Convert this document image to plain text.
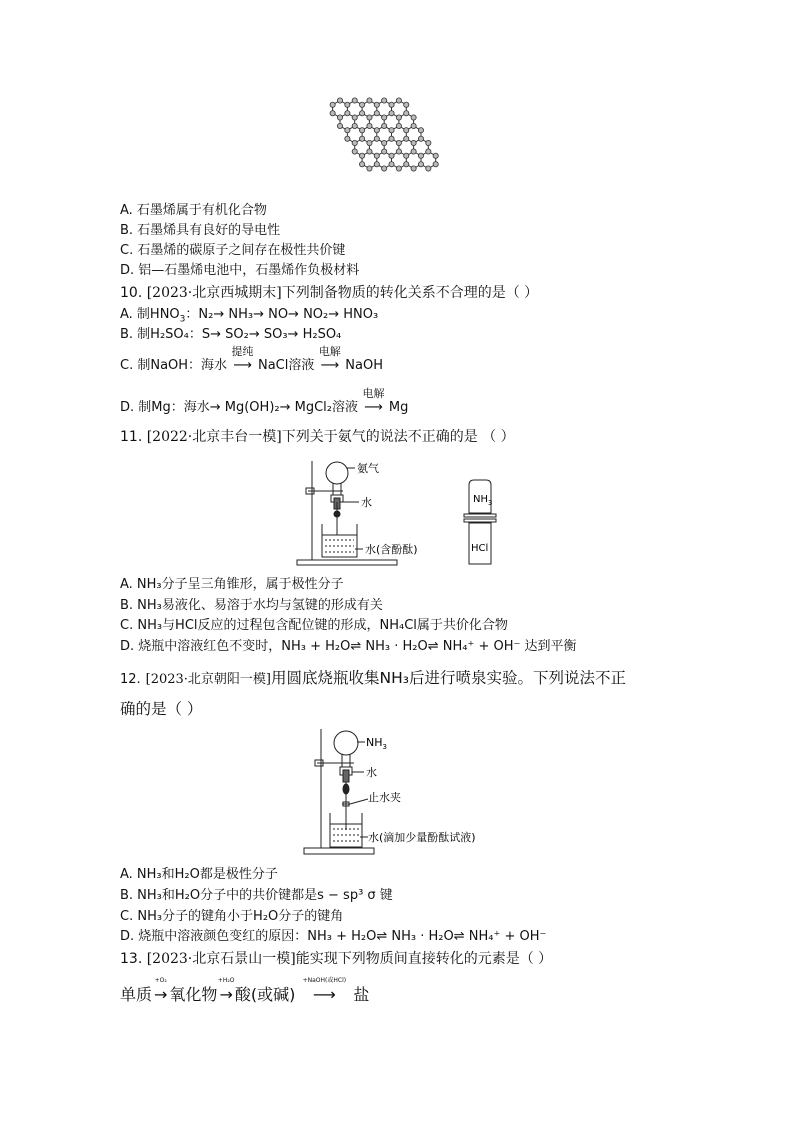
A. 石墨烯属于有机化合物
B. 石墨烯具有良好的导电性
C. 石墨烯的碳原子之间存在极性共价键
D. 铝—石墨烯电池中，石墨烯作负极材料
10. [2023·北京西城期末]下列制备物质的转化关系不合理的是（ ）
A. 制$HNO_3$：N₂→ NH₃→ NO→ NO₂→ HNO₃
B. 制H₂SO₄：S→ SO₂→ SO₃→ H₂SO₄
C. 制NaOH：海水
提纯
⟶ NaCl溶液
电解
⟶ NaOH
D. 制Mg：海水→ Mg(OH)₂→ MgCl₂溶液
电解
⟶ Mg
11. [2022·北京丰台一模]下列关于氨气的说法不正确的是 （ ）
氨气
水
水(含酚酞)
$NH_3$
HCl
A. NH₃分子呈三角锥形，属于极性分子
B. NH₃易液化、易溶于水均与氢键的形成有关
C. NH₃与HCl反应的过程包含配位键的形成，NH₄Cl属于共价化合物
D. 烧瓶中溶液红色不变时，NH₃ + H₂O⇌ NH₃ · H₂O⇌ NH₄⁺ + OH⁻ 达到平衡
12. [2023·北京朝阳一模]用圆底烧瓶收集NH₃后进行喷泉实验。下列说法不正
确的是（ ）
$NH_3$
水
止水夹
水(滴加少量酚酞试液)
A. NH₃和H₂O都是极性分子
B. NH₃和H₂O分子中的共价键都是s − sp³ σ 键
C. NH₃分子的键角小于H₂O分子的键角
D. 烧瓶中溶液颜色变红的原因：NH₃ + H₂O⇌ NH₃ · H₂O⇌ NH₄⁺ + OH⁻
13. [2023·北京石景山一模]能实现下列物质间直接转化的元素是（ ）
单质
+O₂
→ 氧化物
+H₂O
→ 酸(或碱)
+NaOH(或HCl)
⟶ 盐
